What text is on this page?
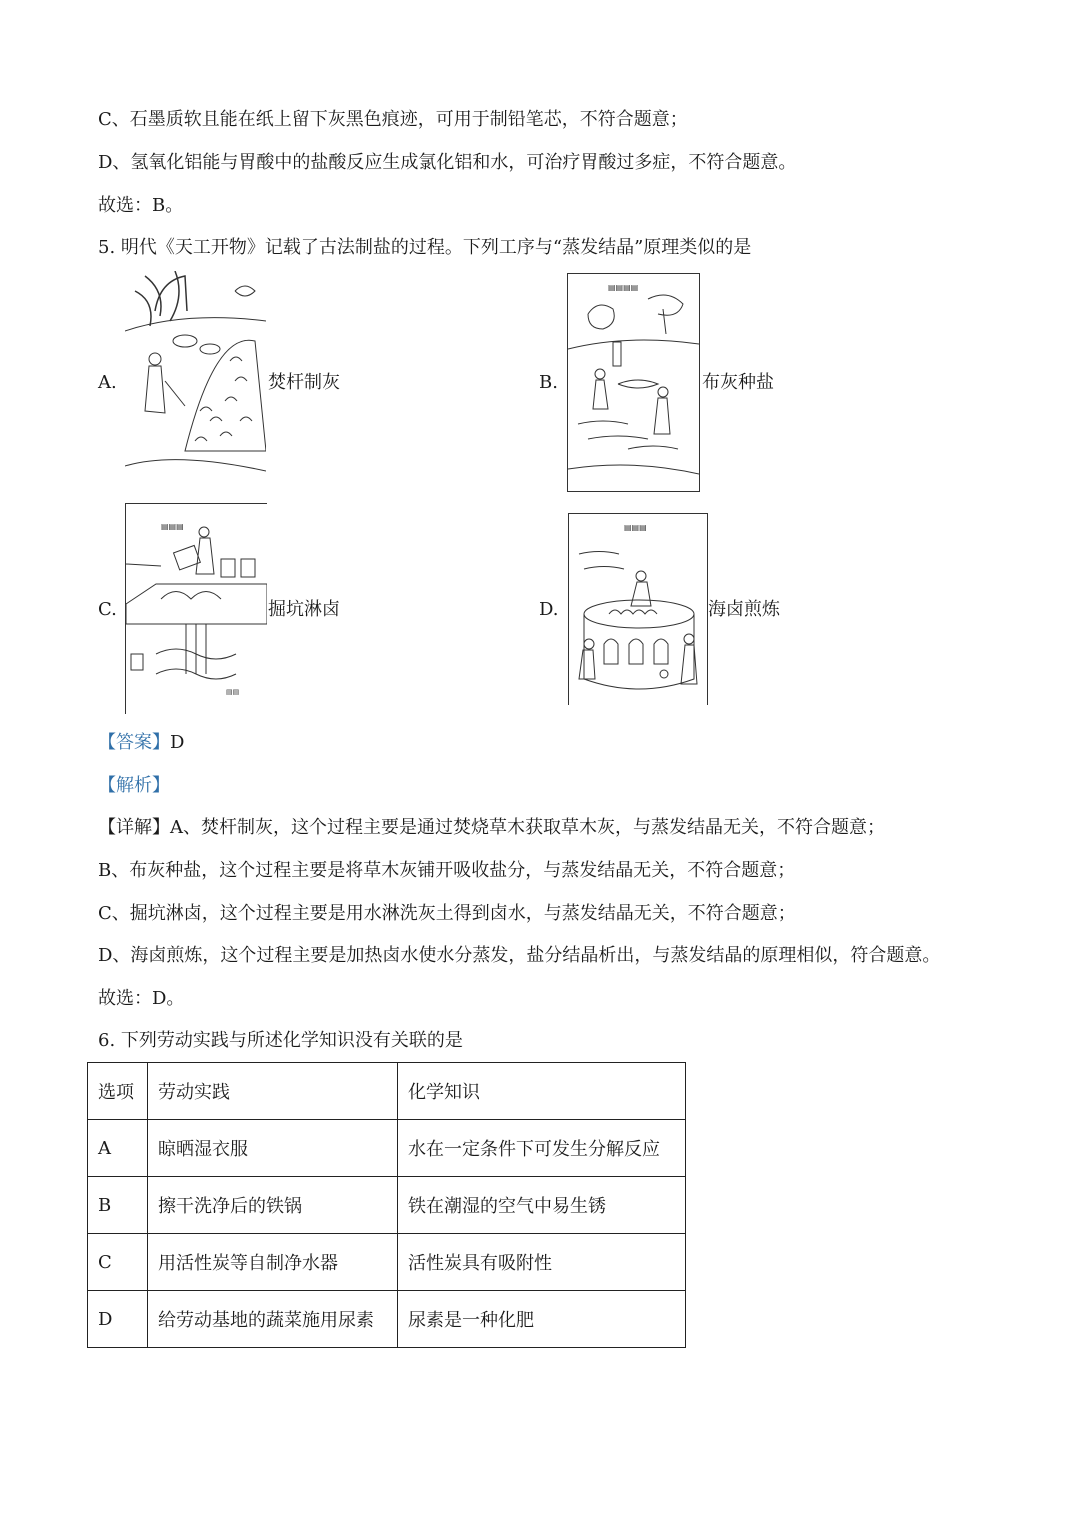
C、石墨质软且能在纸上留下灰黑色痕迹，可用于制铅笔芯，不符合题意；
D、氢氧化铝能与胃酸中的盐酸反应生成氯化铝和水，可治疗胃酸过多症，不符合题意。
故选：B。
5. 明代《天工开物》记载了古法制盐的过程。下列工序与“蒸发结晶”原理类似的是
A.	焚杆制灰	B.
▤▤▤▤
布灰种盐
C.
▤▤▤
▤▤
掘坑淋卤	D.
▤▤▤
海卤煎炼
【答案】D
【解析】
【详解】A、焚杆制灰，这个过程主要是通过焚烧草木获取草木灰，与蒸发结晶无关，不符合题意；
B、布灰种盐，这个过程主要是将草木灰铺开吸收盐分，与蒸发结晶无关，不符合题意；
C、掘坑淋卤，这个过程主要是用水淋洗灰土得到卤水，与蒸发结晶无关，不符合题意；
D、海卤煎炼，这个过程主要是加热卤水使水分蒸发，盐分结晶析出，与蒸发结晶的原理相似，符合题意。
故选：D。
6. 下列劳动实践与所述化学知识没有关联的是
选项	劳动实践	化学知识
A	晾晒湿衣服	水在一定条件下可发生分解反应
B	擦干洗净后的铁锅	铁在潮湿的空气中易生锈
C	用活性炭等自制净水器	活性炭具有吸附性
D	给劳动基地的蔬菜施用尿素	尿素是一种化肥
